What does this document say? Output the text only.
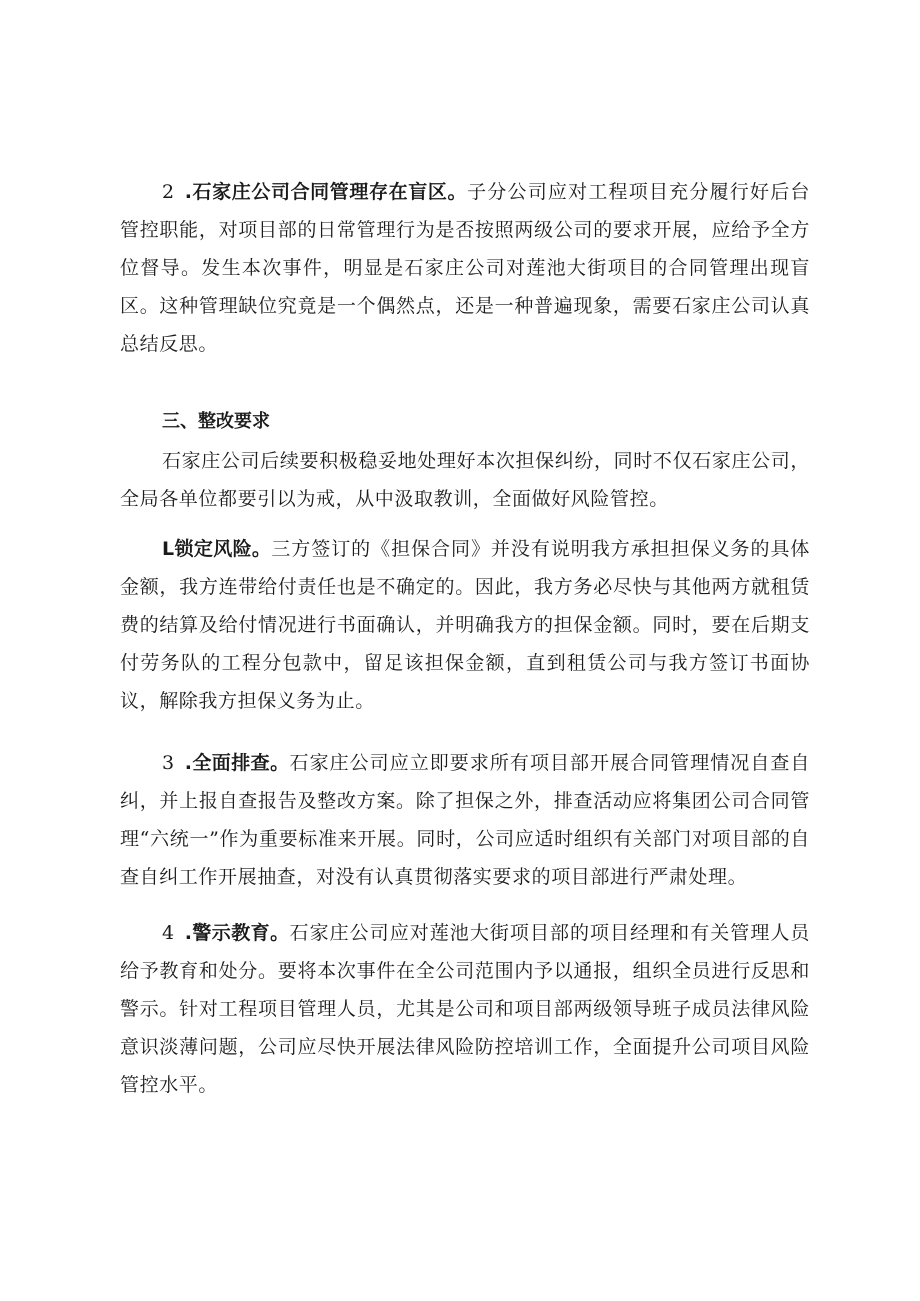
2 .石家庄公司合同管理存在盲区。子分公司应对工程项目充分履行好后台管控职能，对项目部的日常管理行为是否按照两级公司的要求开展，应给予全方位督导。发生本次事件，明显是石家庄公司对莲池大街项目的合同管理出现盲区。这种管理缺位究竟是一个偶然点，还是一种普遍现象，需要石家庄公司认真总结反思。

三、整改要求

石家庄公司后续要积极稳妥地处理好本次担保纠纷，同时不仅石家庄公司，全局各单位都要引以为戒，从中汲取教训，全面做好风险管控。

L锁定风险。三方签订的《担保合同》并没有说明我方承担担保义务的具体金额，我方连带给付责任也是不确定的。因此，我方务必尽快与其他两方就租赁费的结算及给付情况进行书面确认，并明确我方的担保金额。同时，要在后期支付劳务队的工程分包款中，留足该担保金额，直到租赁公司与我方签订书面协议，解除我方担保义务为止。

3 .全面排查。石家庄公司应立即要求所有项目部开展合同管理情况自查自纠，并上报自查报告及整改方案。除了担保之外，排查活动应将集团公司合同管理“六统一”作为重要标准来开展。同时，公司应适时组织有关部门对项目部的自查自纠工作开展抽查，对没有认真贯彻落实要求的项目部进行严肃处理。

4 .警示教育。石家庄公司应对莲池大街项目部的项目经理和有关管理人员给予教育和处分。要将本次事件在全公司范围内予以通报，组织全员进行反思和警示。针对工程项目管理人员，尤其是公司和项目部两级领导班子成员法律风险意识淡薄问题，公司应尽快开展法律风险防控培训工作，全面提升公司项目风险管控水平。
